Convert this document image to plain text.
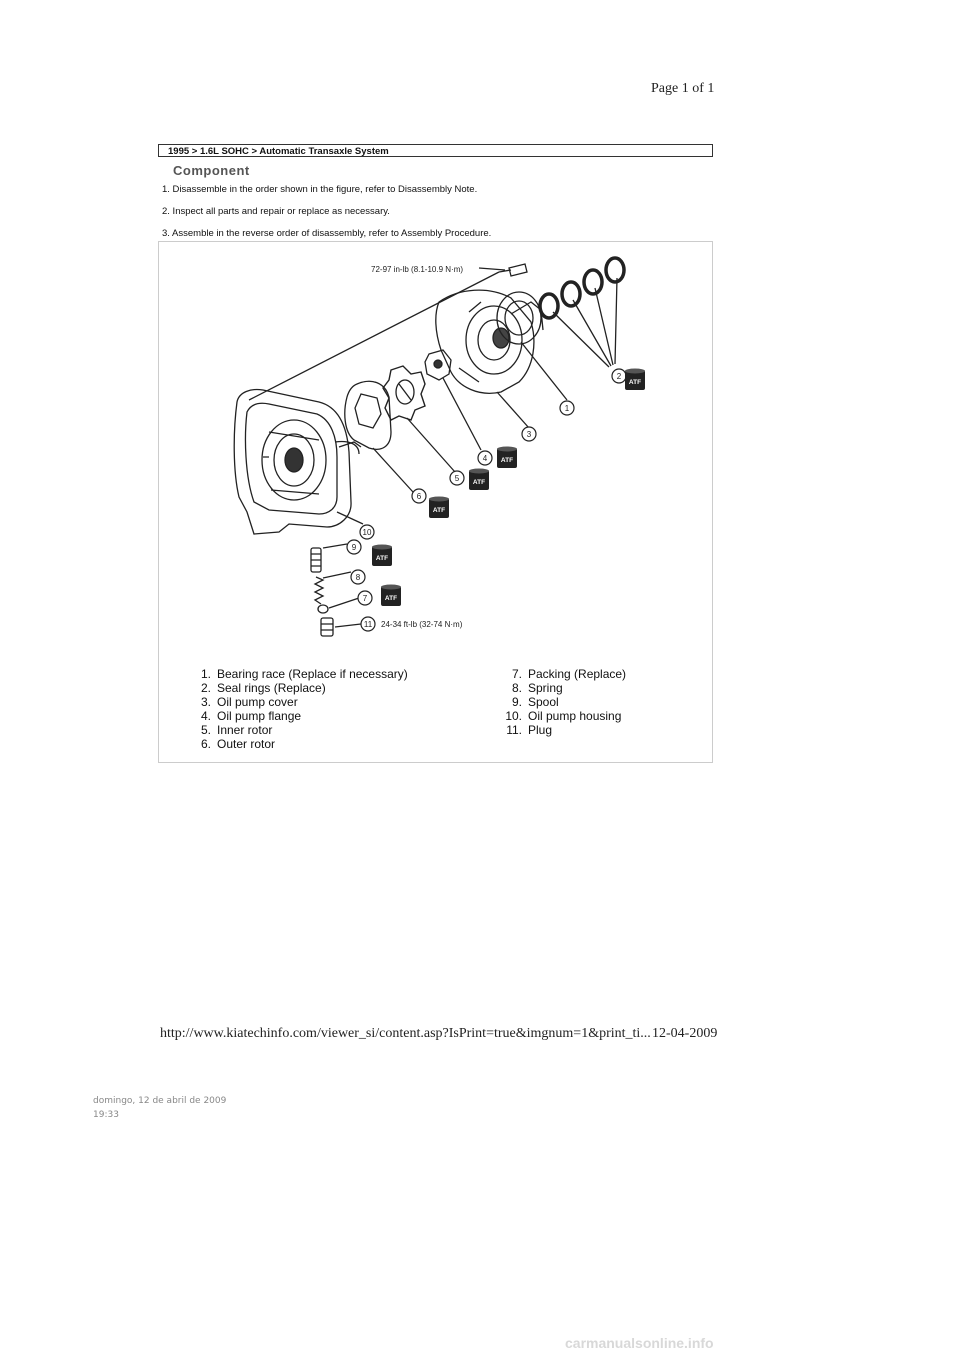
Page 1 of 1
1995 > 1.6L SOHC > Automatic Transaxle System
Component
1. Disassemble in the order shown in the figure, refer to Disassembly Note.
2. Inspect all parts and repair or replace as necessary.
3. Assemble in the reverse order of disassembly, refer to Assembly Procedure.
1
2
3
4
5
6
10
9
8
7
11
ATF
ATF
ATF
ATF
ATF
ATF
72-97 in-lb (8.1-10.9 N·m)
24-34 ft-lb (32-74 N·m)
1. Bearing race (Replace if necessary)
2. Seal rings (Replace)
3. Oil pump cover
4. Oil pump flange
5. Inner rotor
6. Outer rotor
7. Packing (Replace)
8. Spring
9. Spool
10. Oil pump housing
11. Plug
http://www.kiatechinfo.com/viewer_si/content.asp?IsPrint=true&imgnum=1&print_ti... 12-04-2009
domingo, 12 de abril de 2009
19:33
carmanualsonline.info
